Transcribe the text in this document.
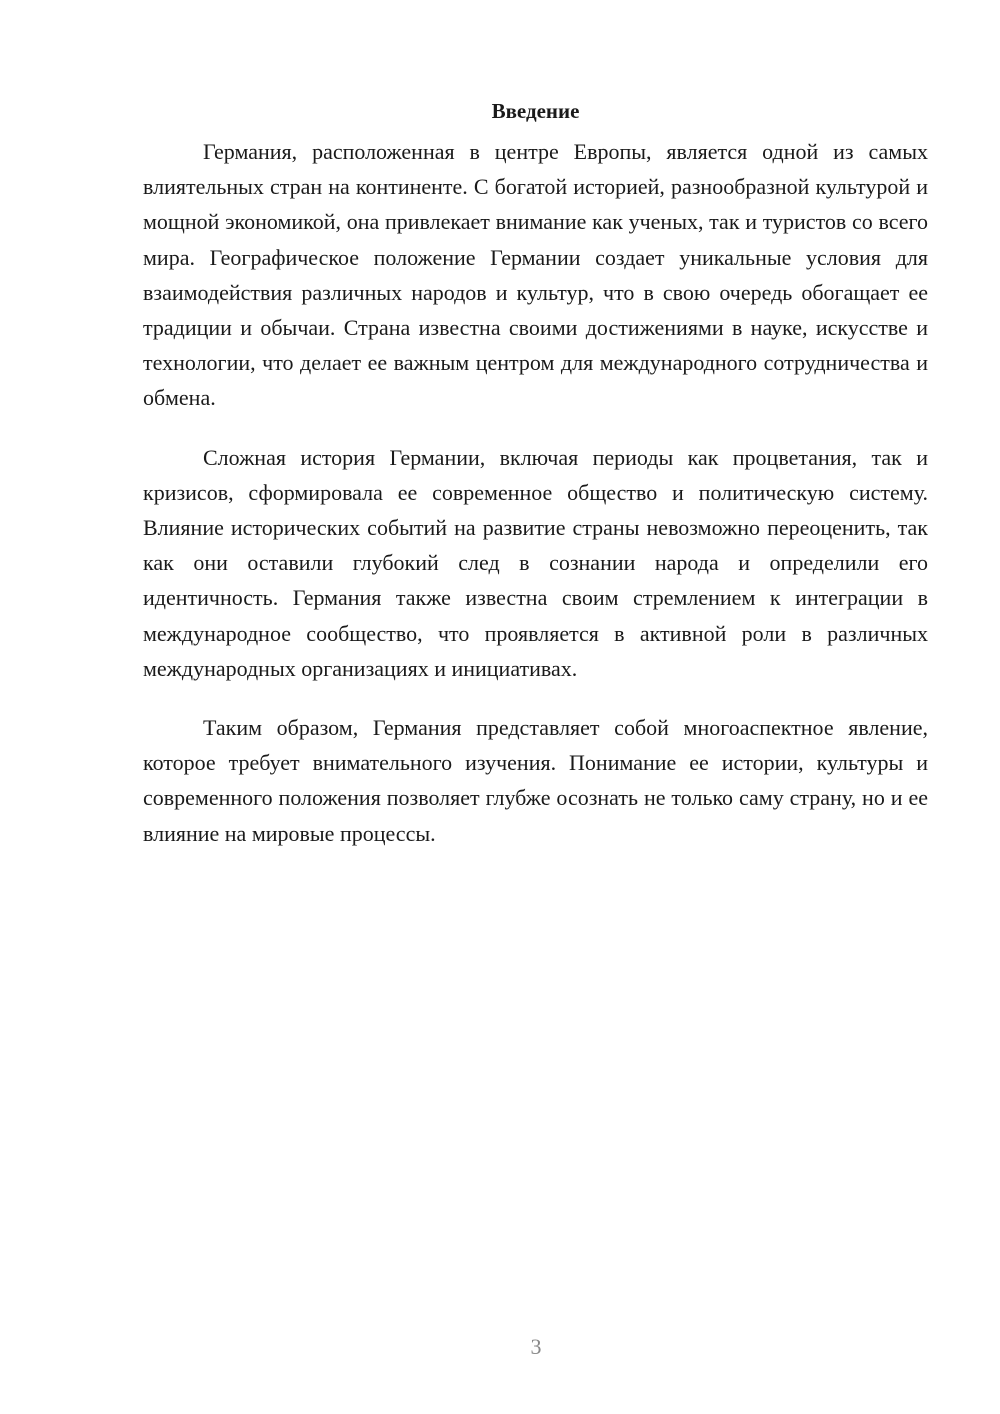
Введение

Германия, расположенная в центре Европы, является одной из самых влиятельных стран на континенте. С богатой историей, разнообразной культурой и мощной экономикой, она привлекает внимание как ученых, так и туристов со всего мира. Географическое положение Германии создает уникальные условия для взаимодействия различных народов и культур, что в свою очередь обогащает ее традиции и обычаи. Страна известна своими достижениями в науке, искусстве и технологии, что делает ее важным центром для международного сотрудничества и обмена.

Сложная история Германии, включая периоды как процветания, так и кризисов, сформировала ее современное общество и политическую систему. Влияние исторических событий на развитие страны невозможно переоценить, так как они оставили глубокий след в сознании народа и определили его идентичность. Германия также известна своим стремлением к интеграции в международное сообщество, что проявляется в активной роли в различных международных организациях и инициативах.

Таким образом, Германия представляет собой многоаспектное явление, которое требует внимательного изучения. Понимание ее истории, культуры и современного положения позволяет глубже осознать не только саму страну, но и ее влияние на мировые процессы.

3
